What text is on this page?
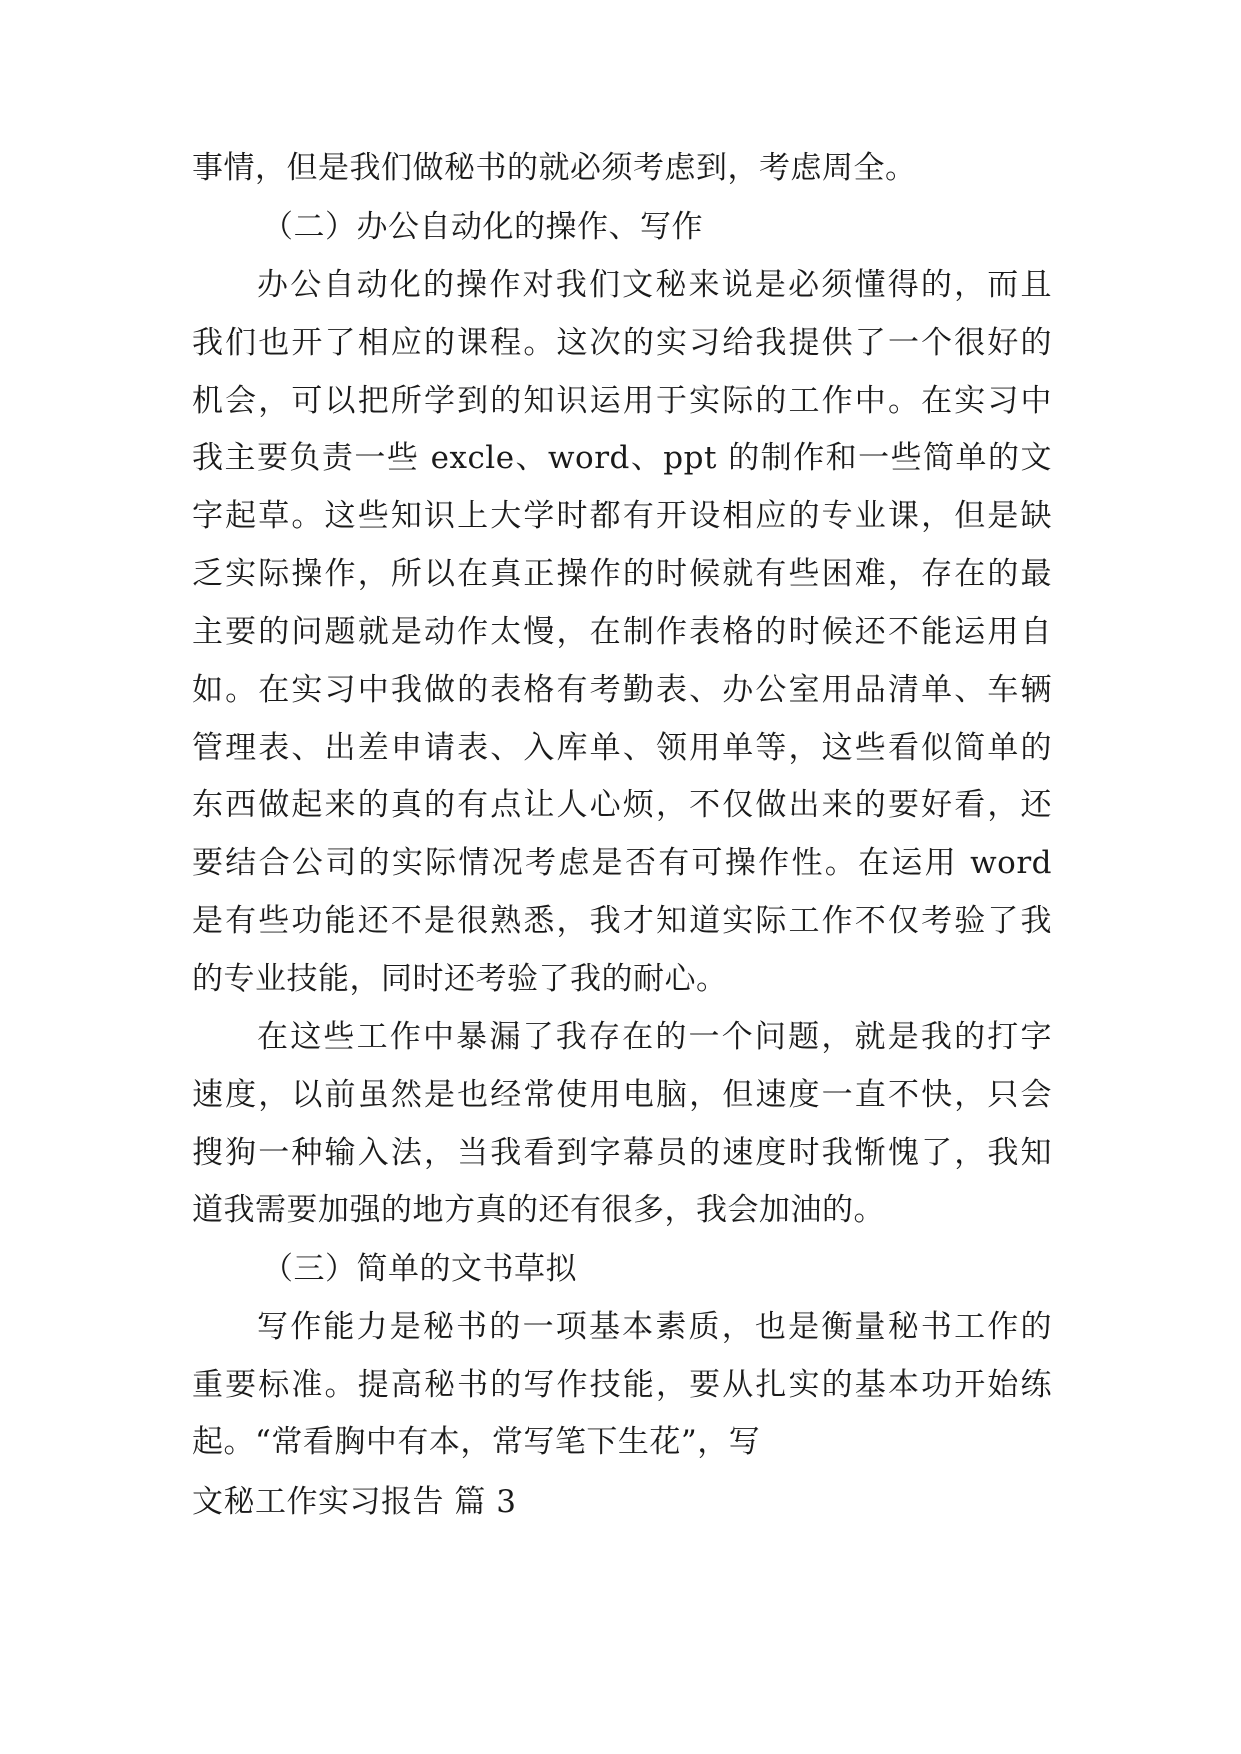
事情，但是我们做秘书的就必须考虑到，考虑周全。
（二）办公自动化的操作、写作
办公自动化的操作对我们文秘来说是必须懂得的，而且
我们也开了相应的课程。这次的实习给我提供了一个很好的
机会，可以把所学到的知识运用于实际的工作中。在实习中
我主要负责一些 excle、word、ppt 的制作和一些简单的文
字起草。这些知识上大学时都有开设相应的专业课，但是缺
乏实际操作，所以在真正操作的时候就有些困难，存在的最
主要的问题就是动作太慢，在制作表格的时候还不能运用自
如。在实习中我做的表格有考勤表、办公室用品清单、车辆
管理表、出差申请表、入库单、领用单等，这些看似简单的
东西做起来的真的有点让人心烦，不仅做出来的要好看，还
要结合公司的实际情况考虑是否有可操作性。在运用 word
是有些功能还不是很熟悉，我才知道实际工作不仅考验了我
的专业技能，同时还考验了我的耐心。
在这些工作中暴漏了我存在的一个问题，就是我的打字
速度，以前虽然是也经常使用电脑，但速度一直不快，只会
搜狗一种输入法，当我看到字幕员的速度时我惭愧了，我知
道我需要加强的地方真的还有很多，我会加油的。
（三）简单的文书草拟
写作能力是秘书的一项基本素质，也是衡量秘书工作的
重要标准。提高秘书的写作技能，要从扎实的基本功开始练
起。“常看胸中有本，常写笔下生花”，写
文秘工作实习报告 篇 3
